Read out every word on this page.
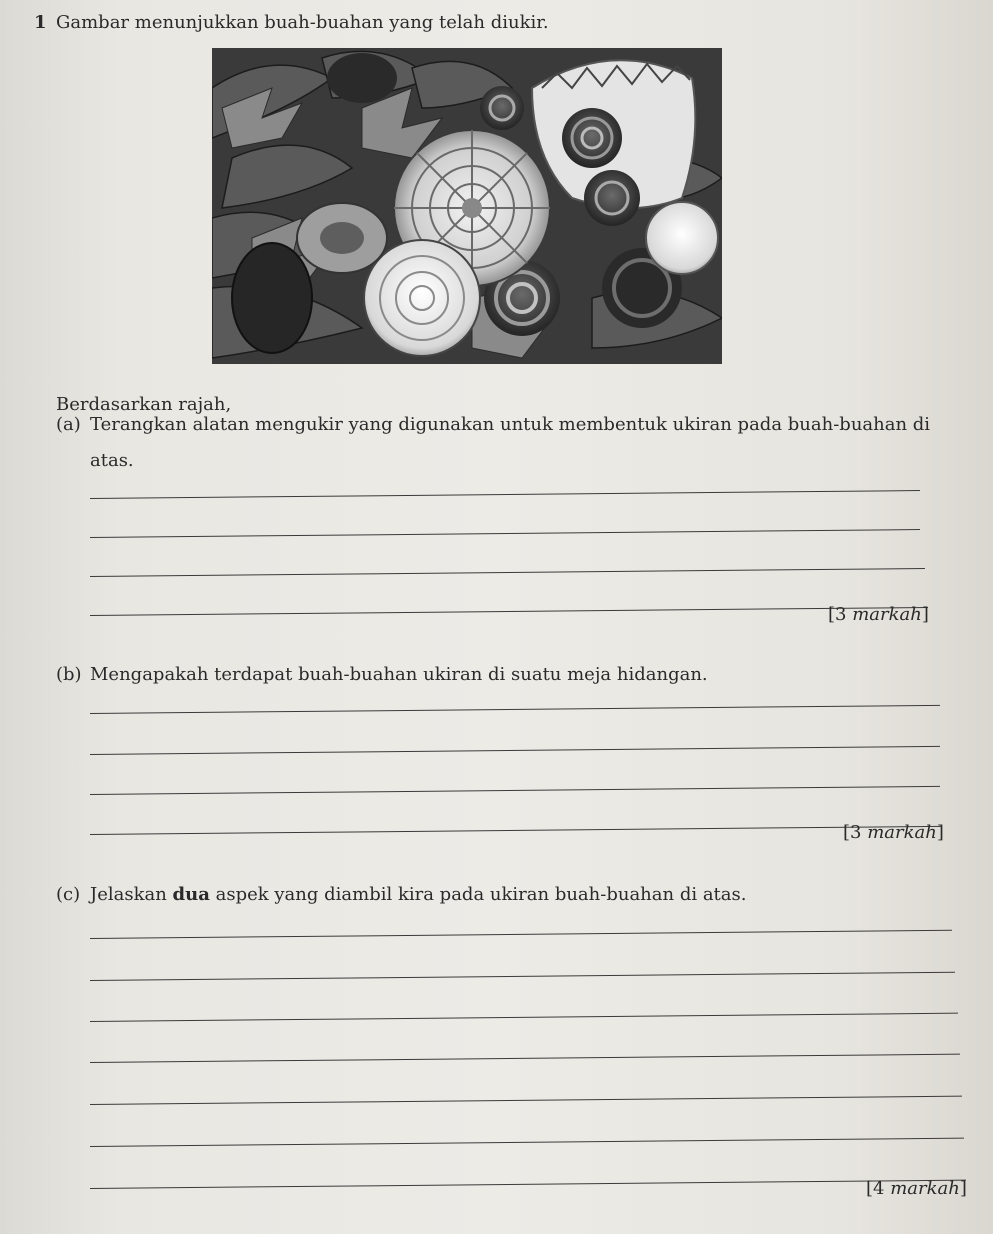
1 Gambar menunjukkan buah-buahan yang telah diukir.
Berdasarkan rajah,
(a) Terangkan alatan mengukir yang digunakan untuk membentuk ukiran pada buah-buahan di
atas.
[3 markah]
(b) Mengapakah terdapat buah-buahan ukiran di suatu meja hidangan.
[3 markah]
(c) Jelaskan dua aspek yang diambil kira pada ukiran buah-buahan di atas.
[4 markah]
